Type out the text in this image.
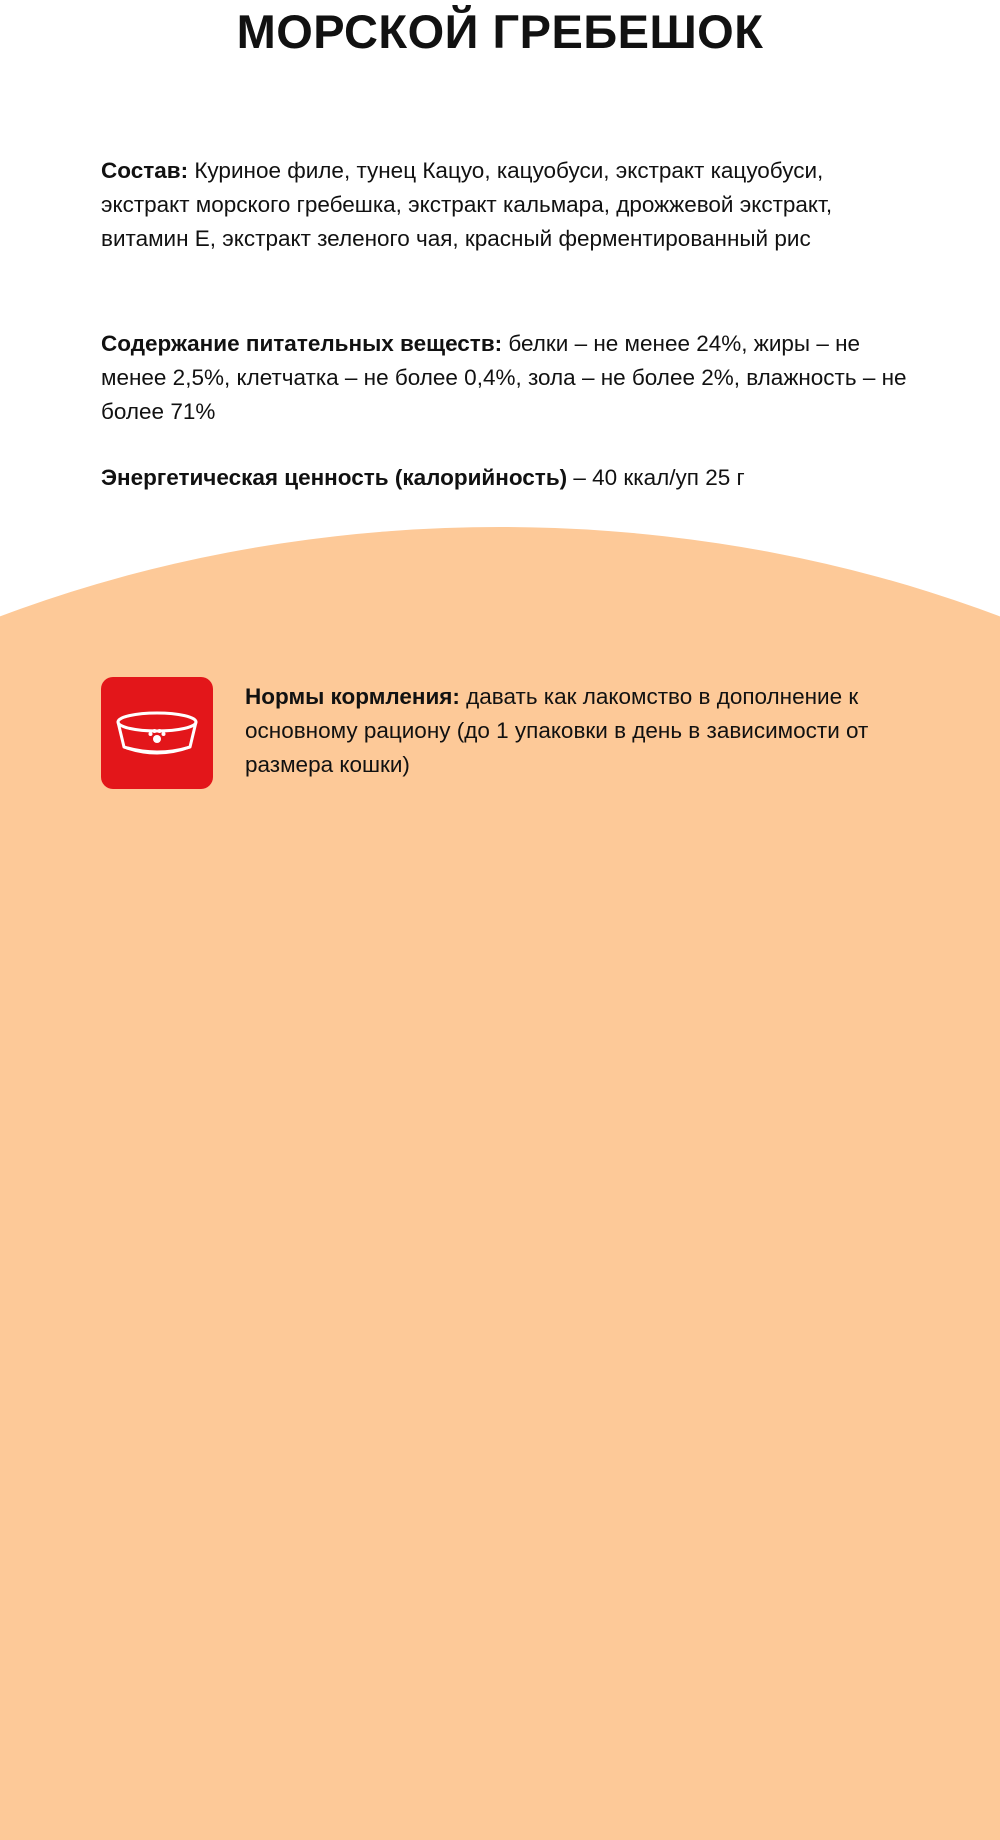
МОРСКОЙ ГРЕБЕШОК

Состав: Куриное филе, тунец Кацуо, кацуобуси, экстракт кацуобуси, экстракт морского гребешка, экстракт кальмара, дрожжевой экстракт, витамин Е, экстракт зеленого чая, красный ферментированный рис

Содержание питательных веществ: белки – не менее 24%, жиры – не менее 2,5%, клетчатка – не более 0,4%, зола – не более 2%, влажность – не более 71%

Энергетическая ценность (калорийность) – 40 ккал/уп 25 г

Нормы кормления: давать как лакомство в дополнение к основному рациону (до 1 упаковки в день в зависимости от размера кошки)
